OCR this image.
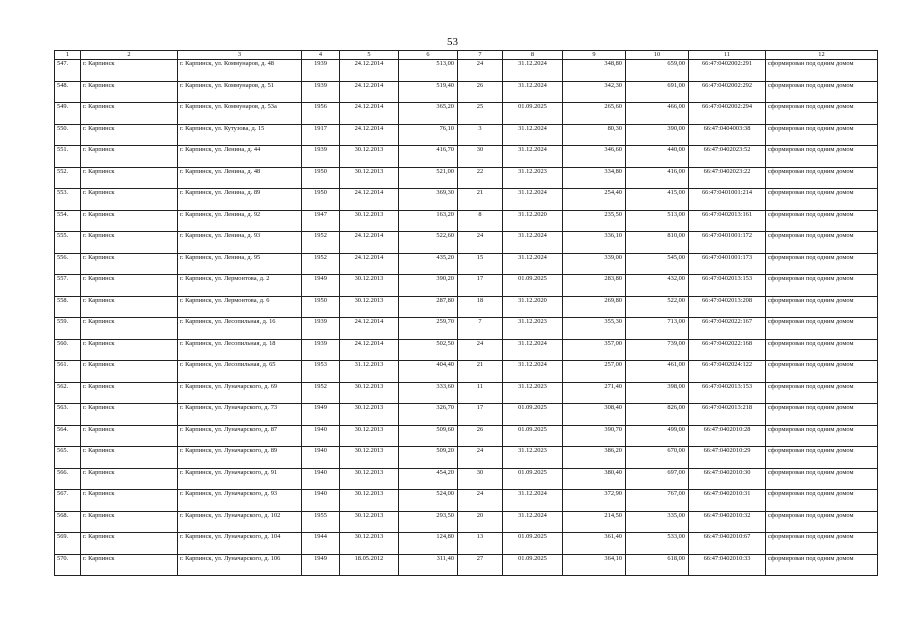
53
1	2	3	4	5	6	7	8	9	10	11	12
547.	г. Карпинск	г. Карпинск, ул. Коммунаров, д. 48	1939	24.12.2014	513,00	24	31.12.2024	348,80	659,00	66:47:0402002:291	сформирован под одним домом
548.	г. Карпинск	г. Карпинск, ул. Коммунаров, д. 51	1939	24.12.2014	519,40	26	31.12.2024	342,30	691,00	66:47:0402002:292	сформирован под одним домом
549.	г. Карпинск	г. Карпинск, ул. Коммунаров, д. 53а	1956	24.12.2014	365,20	25	01.09.2025	265,60	466,00	66:47:0402002:294	сформирован под одним домом
550.	г. Карпинск	г. Карпинск, ул. Кутузова, д. 15	1917	24.12.2014	76,10	3	31.12.2024	80,30	390,00	66:47:0404003:38	сформирован под одним домом
551.	г. Карпинск	г. Карпинск, ул. Ленина, д. 44	1939	30.12.2013	416,70	30	31.12.2024	346,60	440,00	66:47:0402023:52	сформирован под одним домом
552.	г. Карпинск	г. Карпинск, ул. Ленина, д. 48	1950	30.12.2013	521,00	22	31.12.2023	334,80	416,00	66:47:0402023:22	сформирован под одним домом
553.	г. Карпинск	г. Карпинск, ул. Ленина, д. 89	1950	24.12.2014	369,30	21	31.12.2024	254,40	415,00	66:47:0401001:214	сформирован под одним домом
554.	г. Карпинск	г. Карпинск, ул. Ленина, д. 92	1947	30.12.2013	163,20	8	31.12.2020	235,50	513,00	66:47:0402013:161	сформирован под одним домом
555.	г. Карпинск	г. Карпинск, ул. Ленина, д. 93	1952	24.12.2014	522,60	24	31.12.2024	336,10	810,00	66:47:0401001:172	сформирован под одним домом
556.	г. Карпинск	г. Карпинск, ул. Ленина, д. 95	1952	24.12.2014	435,20	15	31.12.2024	339,00	545,00	66:47:0401001:173	сформирован под одним домом
557.	г. Карпинск	г. Карпинск, ул. Лермонтова, д. 2	1949	30.12.2013	390,20	17	01.09.2025	283,80	432,00	66:47:0402013:153	сформирован под одним домом
558.	г. Карпинск	г. Карпинск, ул. Лермонтова, д. 6	1950	30.12.2013	287,80	18	31.12.2020	269,80	522,00	66:47:0402013:208	сформирован под одним домом
559.	г. Карпинск	г. Карпинск, ул. Лесопильная, д. 16	1939	24.12.2014	259,70	7	31.12.2023	355,30	713,00	66:47:0402022:167	сформирован под одним домом
560.	г. Карпинск	г. Карпинск, ул. Лесопильная, д. 18	1939	24.12.2014	502,50	24	31.12.2024	357,00	739,00	66:47:0402022:168	сформирован под одним домом
561.	г. Карпинск	г. Карпинск, ул. Лесопильная, д. 65	1953	31.12.2013	404,40	21	31.12.2024	257,00	461,00	66:47:0402024:122	сформирован под одним домом
562.	г. Карпинск	г. Карпинск, ул. Луначарского, д. 69	1952	30.12.2013	333,60	11	31.12.2023	271,40	398,00	66:47:0402013:153	сформирован под одним домом
563.	г. Карпинск	г. Карпинск, ул. Луначарского, д. 73	1949	30.12.2013	326,70	17	01.09.2025	308,40	826,00	66:47:0402013:218	сформирован под одним домом
564.	г. Карпинск	г. Карпинск, ул. Луначарского, д. 87	1940	30.12.2013	509,60	26	01.09.2025	390,70	499,00	66:47:0402010:28	сформирован под одним домом
565.	г. Карпинск	г. Карпинск, ул. Луначарского, д. 89	1940	30.12.2013	509,20	24	31.12.2023	386,20	670,00	66:47:0402010:29	сформирован под одним домом
566.	г. Карпинск	г. Карпинск, ул. Луначарского, д. 91	1940	30.12.2013	454,20	30	01.09.2025	380,40	697,00	66:47:0402010:30	сформирован под одним домом
567.	г. Карпинск	г. Карпинск, ул. Луначарского, д. 93	1940	30.12.2013	524,00	24	31.12.2024	372,90	767,00	66:47:0402010:31	сформирован под одним домом
568.	г. Карпинск	г. Карпинск, ул. Луначарского, д. 102	1955	30.12.2013	293,50	20	31.12.2024	214,50	335,00	66:47:0402010:32	сформирован под одним домом
569.	г. Карпинск	г. Карпинск, ул. Луначарского, д. 104	1944	30.12.2013	124,80	13	01.09.2025	361,40	533,00	66:47:0402010:67	сформирован под одним домом
570.	г. Карпинск	г. Карпинск, ул. Луначарского, д. 106	1949	18.05.2012	311,40	27	01.09.2025	364,10	618,00	66:47:0402010:33	сформирован под одним домом
